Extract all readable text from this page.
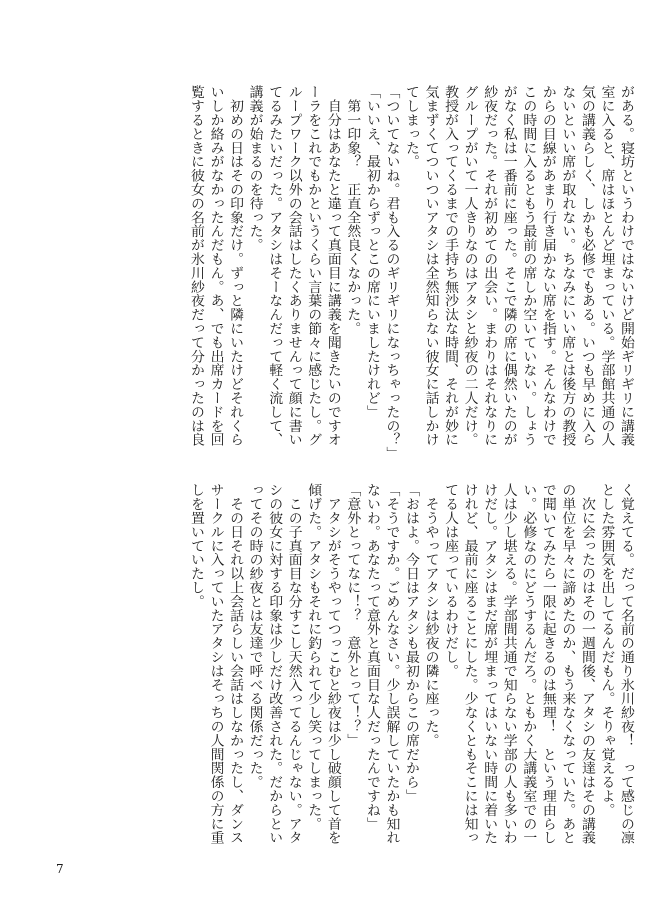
がある。寝坊というわけではないけど開始ギリギリに講義
室に入ると、席はほとんど埋まっている。学部館共通の人
気の講義らしく、しかも必修でもある。いつも早めに入ら
ないといい席が取れない。ちなみにいい席とは後方の教授
からの目線があまり行き届かない席を指す。そんなわけで
この時間に入るともう最前の席しか空いていない。しょう
がなく私は一番前に座った。そこで隣の席に偶然いたのが
紗夜だった。それが初めての出会い。まわりはそれなりに
グループがいて一人きりなのはアタシと紗夜の二人だけ。
教授が入ってくるまでの手持ち無沙汰な時間、それが妙に
気まずくてついついアタシは全然知らない彼女に話しかけ
てしまった。
「ついてないね。君も入るのギリギリになっちゃったの？」
「いいえ、最初からずっとこの席にいましたけれど」
　第一印象？　正直全然良くなかった。
　自分はあなたと違って真面目に講義を聞きたいのですオ
ーラをこれでもかというくらい言葉の節々に感じたし。グ
ループワーク以外の会話はしたくありませんって顔に書い
てるみたいだった。アタシはそーなんだって軽く流して、
講義が始まるのを待った。
　初めの日はその印象だけ。ずっと隣にいたけどそれくら
いしか絡みがなかったんだもん。あ、でも出席カードを回
覧するときに彼女の名前が氷川紗夜だって分かったのは良
く覚えてる。だって名前の通り氷川紗夜！　って感じの凛
とした雰囲気を出してるんだもん。そりゃ覚えるよ。
　次に会ったのはその一週間後、アタシの友達はその講義
の単位を早々に諦めたのか、もう来なくなっていた。あと
で聞いてみたら一限に起きるのは無理！　という理由らし
い。必修なのにどうするんだろ。ともかく大講義室での一
人は少し堪える。学部間共通で知らない学部の人も多いわ
けだし。アタシはまだ席が埋まってはいない時間に着いた
けれど、最前に座ることにした。少なくともそこには知っ
てる人は座っているわけだし。
　そうやってアタシは紗夜の隣に座った。
「おはよ。今日はアタシも最初からこの席だから」
「そうですか。ごめんなさい。少し誤解していたかも知れ
ないわ。あなたって意外と真面目な人だったんですね」
「意外とってなに！？　意外とって！？」
　アタシがそうやってつっこむと紗夜は少し破顔して首を
傾げた。アタシもそれに釣られて少し笑ってしまった。
　この子真面目な分すこし天然入ってるんじゃない。アタ
シの彼女に対する印象は少しだけ改善された。だからとい
ってその時の紗夜とは友達で呼べる関係だった。
　その日それ以上会話らしい会話はしなかったし、ダンス
サークルに入っていたアタシはそっちの人間関係の方に重
しを置いていたし。
7
